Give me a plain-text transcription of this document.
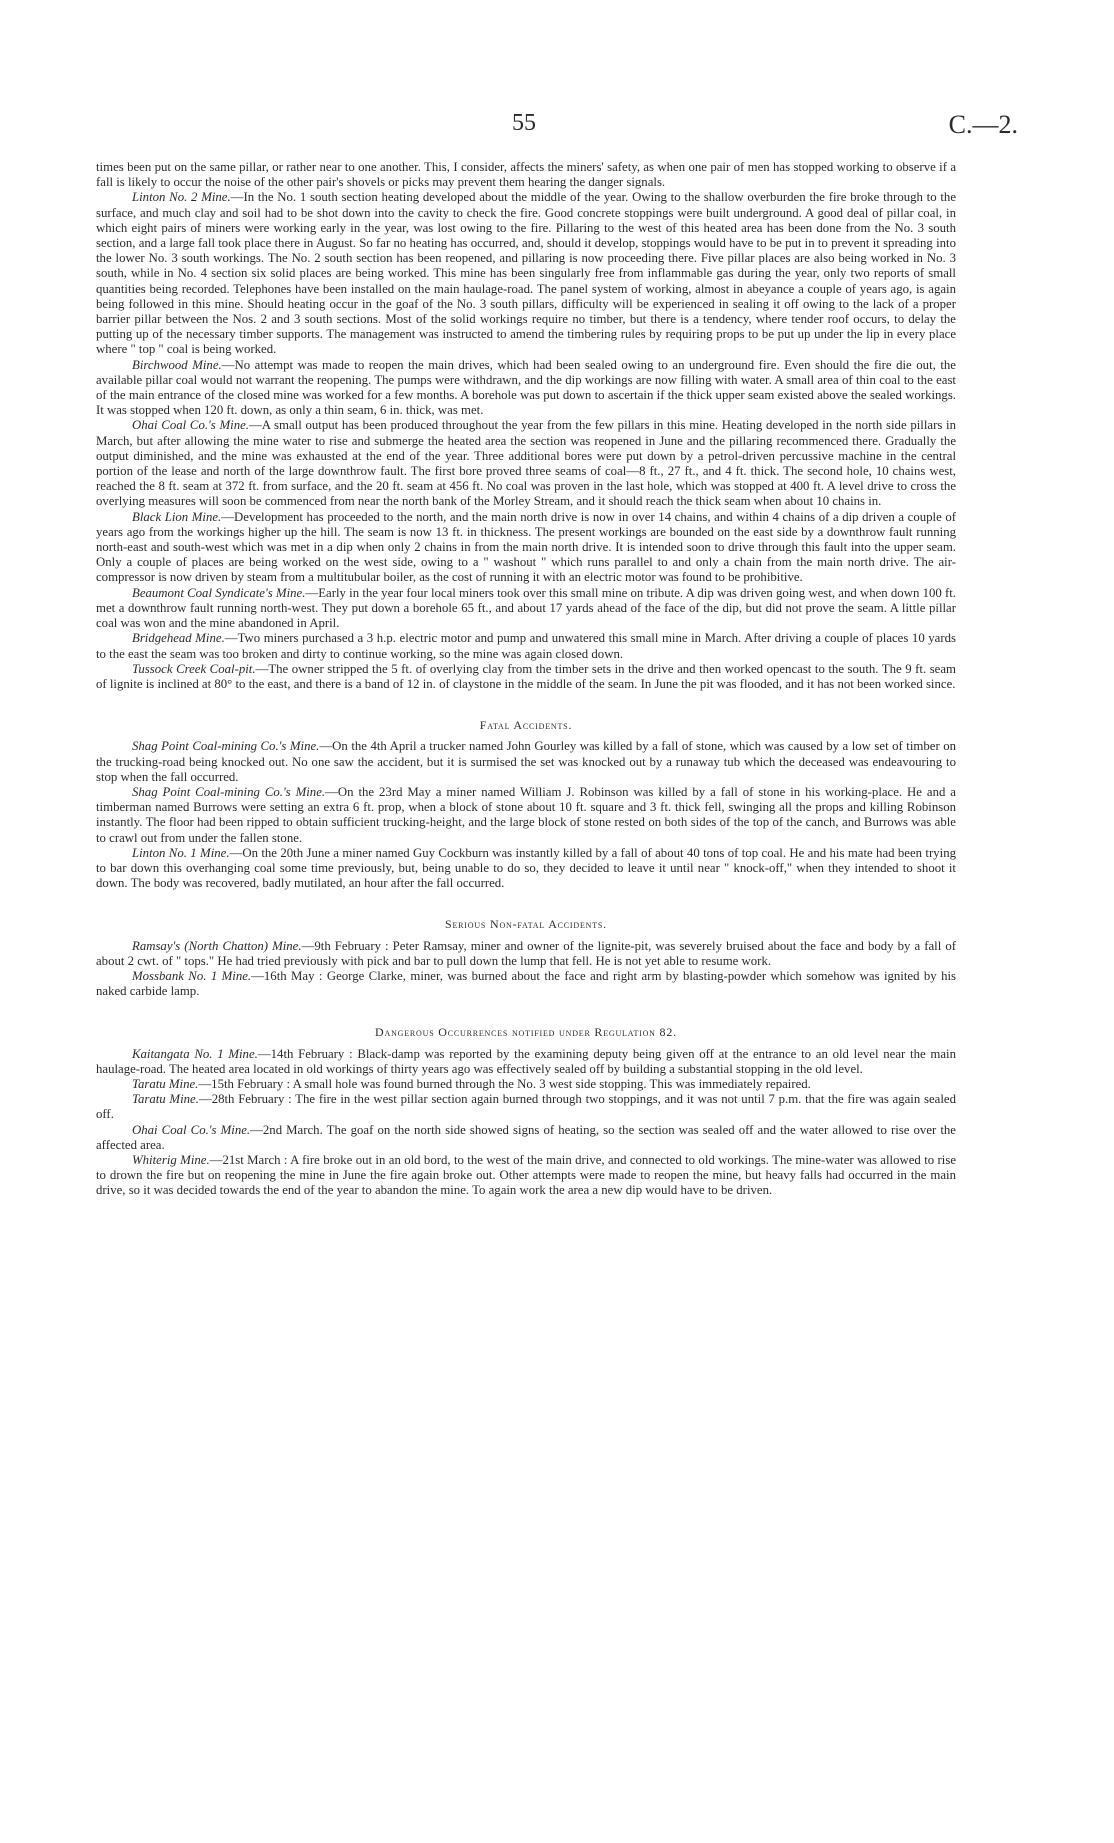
55	C.—2.

times been put on the same pillar, or rather near to one another. This, I consider, affects the miners' safety, as when one pair of men has stopped working to observe if a fall is likely to occur the noise of the other pair's shovels or picks may prevent them hearing the danger signals.

Linton No. 2 Mine.—In the No. 1 south section heating developed about the middle of the year. Owing to the shallow overburden the fire broke through to the surface, and much clay and soil had to be shot down into the cavity to check the fire. Good concrete stoppings were built underground. A good deal of pillar coal, in which eight pairs of miners were working early in the year, was lost owing to the fire. Pillaring to the west of this heated area has been done from the No. 3 south section, and a large fall took place there in August. So far no heating has occurred, and, should it develop, stoppings would have to be put in to prevent it spreading into the lower No. 3 south workings. The No. 2 south section has been reopened, and pillaring is now proceeding there. Five pillar places are also being worked in No. 3 south, while in No. 4 section six solid places are being worked. This mine has been singularly free from inflammable gas during the year, only two reports of small quantities being recorded. Telephones have been installed on the main haulage-road. The panel system of working, almost in abeyance a couple of years ago, is again being followed in this mine. Should heating occur in the goaf of the No. 3 south pillars, difficulty will be experienced in sealing it off owing to the lack of a proper barrier pillar between the Nos. 2 and 3 south sections. Most of the solid workings require no timber, but there is a tendency, where tender roof occurs, to delay the putting up of the necessary timber supports. The management was instructed to amend the timbering rules by requiring props to be put up under the lip in every place where " top " coal is being worked.

Birchwood Mine.—No attempt was made to reopen the main drives, which had been sealed owing to an underground fire. Even should the fire die out, the available pillar coal would not warrant the reopening. The pumps were withdrawn, and the dip workings are now filling with water. A small area of thin coal to the east of the main entrance of the closed mine was worked for a few months. A borehole was put down to ascertain if the thick upper seam existed above the sealed workings. It was stopped when 120 ft. down, as only a thin seam, 6 in. thick, was met.

Ohai Coal Co.'s Mine.—A small output has been produced throughout the year from the few pillars in this mine. Heating developed in the north side pillars in March, but after allowing the mine water to rise and submerge the heated area the section was reopened in June and the pillaring recommenced there. Gradually the output diminished, and the mine was exhausted at the end of the year. Three additional bores were put down by a petrol-driven percussive machine in the central portion of the lease and north of the large downthrow fault. The first bore proved three seams of coal—8 ft., 27 ft., and 4 ft. thick. The second hole, 10 chains west, reached the 8 ft. seam at 372 ft. from surface, and the 20 ft. seam at 456 ft. No coal was proven in the last hole, which was stopped at 400 ft. A level drive to cross the overlying measures will soon be commenced from near the north bank of the Morley Stream, and it should reach the thick seam when about 10 chains in.

Black Lion Mine.—Development has proceeded to the north, and the main north drive is now in over 14 chains, and within 4 chains of a dip driven a couple of years ago from the workings higher up the hill. The seam is now 13 ft. in thickness. The present workings are bounded on the east side by a downthrow fault running north-east and south-west which was met in a dip when only 2 chains in from the main north drive. It is intended soon to drive through this fault into the upper seam. Only a couple of places are being worked on the west side, owing to a " washout " which runs parallel to and only a chain from the main north drive. The air-compressor is now driven by steam from a multitubular boiler, as the cost of running it with an electric motor was found to be prohibitive.

Beaumont Coal Syndicate's Mine.—Early in the year four local miners took over this small mine on tribute. A dip was driven going west, and when down 100 ft. met a downthrow fault running north-west. They put down a borehole 65 ft., and about 17 yards ahead of the face of the dip, but did not prove the seam. A little pillar coal was won and the mine abandoned in April.

Bridgehead Mine.—Two miners purchased a 3 h.p. electric motor and pump and unwatered this small mine in March. After driving a couple of places 10 yards to the east the seam was too broken and dirty to continue working, so the mine was again closed down.

Tussock Creek Coal-pit.—The owner stripped the 5 ft. of overlying clay from the timber sets in the drive and then worked opencast to the south. The 9 ft. seam of lignite is inclined at 80° to the east, and there is a band of 12 in. of claystone in the middle of the seam. In June the pit was flooded, and it has not been worked since.

Fatal Accidents.

Shag Point Coal-mining Co.'s Mine.—On the 4th April a trucker named John Gourley was killed by a fall of stone, which was caused by a low set of timber on the trucking-road being knocked out. No one saw the accident, but it is surmised the set was knocked out by a runaway tub which the deceased was endeavouring to stop when the fall occurred.

Shag Point Coal-mining Co.'s Mine.—On the 23rd May a miner named William J. Robinson was killed by a fall of stone in his working-place. He and a timberman named Burrows were setting an extra 6 ft. prop, when a block of stone about 10 ft. square and 3 ft. thick fell, swinging all the props and killing Robinson instantly. The floor had been ripped to obtain sufficient trucking-height, and the large block of stone rested on both sides of the top of the canch, and Burrows was able to crawl out from under the fallen stone.

Linton No. 1 Mine.—On the 20th June a miner named Guy Cockburn was instantly killed by a fall of about 40 tons of top coal. He and his mate had been trying to bar down this overhanging coal some time previously, but, being unable to do so, they decided to leave it until near " knock-off," when they intended to shoot it down. The body was recovered, badly mutilated, an hour after the fall occurred.

Serious Non-fatal Accidents.

Ramsay's (North Chatton) Mine.—9th February : Peter Ramsay, miner and owner of the lignite-pit, was severely bruised about the face and body by a fall of about 2 cwt. of " tops." He had tried previously with pick and bar to pull down the lump that fell. He is not yet able to resume work.

Mossbank No. 1 Mine.—16th May : George Clarke, miner, was burned about the face and right arm by blasting-powder which somehow was ignited by his naked carbide lamp.

Dangerous Occurrences notified under Regulation 82.

Kaitangata No. 1 Mine.—14th February : Black-damp was reported by the examining deputy being given off at the entrance to an old level near the main haulage-road. The heated area located in old workings of thirty years ago was effectively sealed off by building a substantial stopping in the old level.

Taratu Mine.—15th February : A small hole was found burned through the No. 3 west side stopping. This was immediately repaired.

Taratu Mine.—28th February : The fire in the west pillar section again burned through two stoppings, and it was not until 7 p.m. that the fire was again sealed off.

Ohai Coal Co.'s Mine.—2nd March. The goaf on the north side showed signs of heating, so the section was sealed off and the water allowed to rise over the affected area.

Whiterig Mine.—21st March : A fire broke out in an old bord, to the west of the main drive, and connected to old workings. The mine-water was allowed to rise to drown the fire but on reopening the mine in June the fire again broke out. Other attempts were made to reopen the mine, but heavy falls had occurred in the main drive, so it was decided towards the end of the year to abandon the mine. To again work the area a new dip would have to be driven.
